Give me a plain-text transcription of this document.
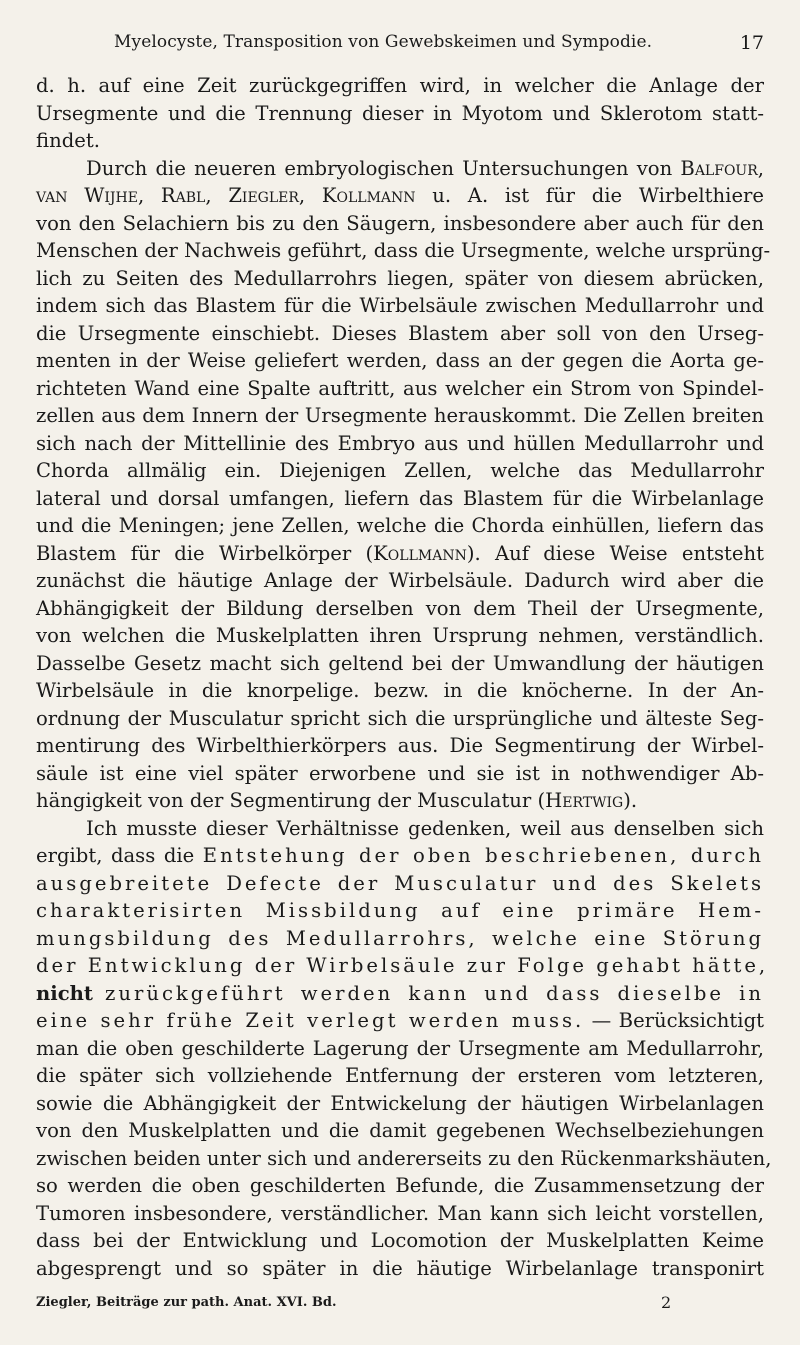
Myelocyste, Transposition von Gewebskeimen und Sympodie.	17
d. h. auf eine Zeit zurückgegriffen wird, in welcher die Anlage der
Ursegmente und die Trennung dieser in Myotom und Sklerotom statt-
findet.
Durch die neueren embryologischen Untersuchungen von Balfour,
van Wijhe, Rabl, Ziegler, Kollmann u. A. ist für die Wirbelthiere
von den Selachiern bis zu den Säugern, insbesondere aber auch für den
Menschen der Nachweis geführt, dass die Ursegmente, welche ursprüng-
lich zu Seiten des Medullarrohrs liegen, später von diesem abrücken,
indem sich das Blastem für die Wirbelsäule zwischen Medullarrohr und
die Ursegmente einschiebt. Dieses Blastem aber soll von den Urseg-
menten in der Weise geliefert werden, dass an der gegen die Aorta ge-
richteten Wand eine Spalte auftritt, aus welcher ein Strom von Spindel-
zellen aus dem Innern der Ursegmente herauskommt. Die Zellen breiten
sich nach der Mittellinie des Embryo aus und hüllen Medullarrohr und
Chorda allmälig ein. Diejenigen Zellen, welche das Medullarrohr
lateral und dorsal umfangen, liefern das Blastem für die Wirbelanlage
und die Meningen; jene Zellen, welche die Chorda einhüllen, liefern das
Blastem für die Wirbelkörper (Kollmann). Auf diese Weise entsteht
zunächst die häutige Anlage der Wirbelsäule. Dadurch wird aber die
Abhängigkeit der Bildung derselben von dem Theil der Ursegmente,
von welchen die Muskelplatten ihren Ursprung nehmen, verständlich.
Dasselbe Gesetz macht sich geltend bei der Umwandlung der häutigen
Wirbelsäule in die knorpelige. bezw. in die knöcherne. In der An-
ordnung der Musculatur spricht sich die ursprüngliche und älteste Seg-
mentirung des Wirbelthierkörpers aus. Die Segmentirung der Wirbel-
säule ist eine viel später erworbene und sie ist in nothwendiger Ab-
hängigkeit von der Segmentirung der Musculatur (Hertwig).
Ich musste dieser Verhältnisse gedenken, weil aus denselben sich
ergibt, dass die Entstehung der oben beschriebenen, durch
ausgebreitete Defecte der Musculatur und des Skelets
charakterisirten Missbildung auf eine primäre Hem-
mungsbildung des Medullarrohrs, welche eine Störung
der Entwicklung der Wirbelsäule zur Folge gehabt hätte,
nicht zurückgeführt werden kann und dass dieselbe in
eine sehr frühe Zeit verlegt werden muss. — Berücksichtigt
man die oben geschilderte Lagerung der Ursegmente am Medullarrohr,
die später sich vollziehende Entfernung der ersteren vom letzteren,
sowie die Abhängigkeit der Entwickelung der häutigen Wirbelanlagen
von den Muskelplatten und die damit gegebenen Wechselbeziehungen
zwischen beiden unter sich und andererseits zu den Rückenmarkshäuten,
so werden die oben geschilderten Befunde, die Zusammensetzung der
Tumoren insbesondere, verständlicher. Man kann sich leicht vorstellen,
dass bei der Entwicklung und Locomotion der Muskelplatten Keime
abgesprengt und so später in die häutige Wirbelanlage transponirt
Ziegler, Beiträge zur path. Anat. XVI. Bd.	2
